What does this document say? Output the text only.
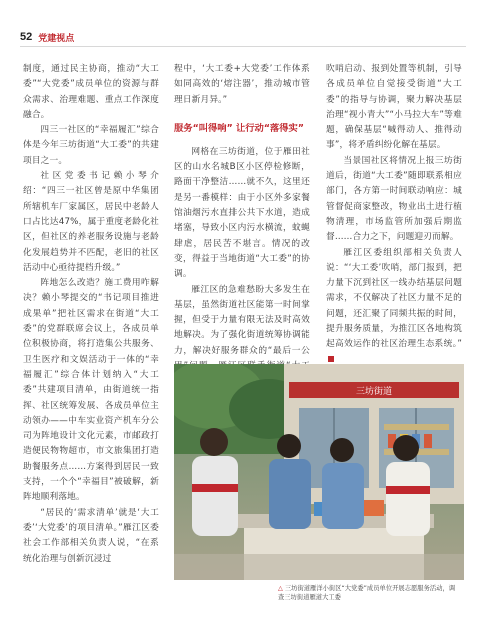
52 党建视点

制度，通过民主协商，推动“大工委”“大党委”成员单位的资源与群众需求、治理难题、重点工作深度融合。

四三一社区的“幸福履汇”综合体是今年三坊街道“大工委”的共建项目之一。

社区党委书记赖小琴介绍：“四三一社区曾是原中华集团所辖机车厂家属区，居民中老龄人口占比达47%，属于重度老龄化社区，但社区的养老服务设施与老龄化发展趋势并不匹配，老旧的社区活动中心亟待提档升级。”

阵地怎么改造？施工费用咋解决？赖小琴提交的“书记项目推进成果单”把社区需求在街道“大工委”的党群联席会议上，各成员单位积极协商，将打造集公共服务、卫生医疗和文娱活动于一体的“幸福履汇”综合体计划纳入“大工委”共建项目清单，由街道统一指挥、社区统筹发展、各成员单位主动领办——中车实业资产机车分公司为阵地设计文化元素，市邮政打造便民物物超市，市文旅集团打造助餐服务点……方案得到居民一致支持，一个个“幸福目”被破解，新阵地顺利落地。

“居民的‘需求清单’就是‘大工委’‘大党委’的项目清单。”雁江区委社会工作部相关负责人说，“在系统化治理与创新沉浸过

程中，‘大工委+大党委’工作体系如同高效的‘熔注器’，推动城市管理日新月异。”

服务“叫得响” 让行动“落得实”

网格在三坊街道，位于雁田社区的山水名城B区小区停检修断，路面干净整洁……就不久，这里还是另一番模样：由于小区外多家餐馆油烟污水直排公共下水道，造成堵塞，导致小区内污水横流，蚊蝇肆虐，居民苦不堪言。情况的改变，得益于当地街道“大工委”的协调。

雁江区的急难愁盼大多发生在基层，虽然街道社区能第一时间掌握，但受于力量有限无法及时高效地解决。为了强化街道统筹协调能力，解决好服务群众的“最后一公

吹哨启动、报到处置等机制，引导各成员单位自觉接受街道“大工委”的指导与协调，聚力解决基层治理“视小青大”“小马拉大车”等难题，确保基层“喊得动人、推得动事”，将矛盾纠纷化解在基层。

当景国社区将情况上报三坊街道后，街道“大工委”随即联系相应部门，各方第一时间联动响应：城管督促商家整改，物业出土进行植物清理，市场监管所加强后期监督……合力之下，问题迎刃而解。

雁江区委组织部相关负责人说：“‘大工委’吹哨，部门报到，把力量下沉到社区一线办结基层问题需求，不仅解决了社区力量不足的问题，还汇聚了同频共振的时间，提升服务质量，为推江区各地构筑起高效运作的社区治理生态系统。”

三坊街道
△ 三坊街道雁洋小街区“大党委”成员单位开展志愿服务活动，调查三坊街道雁道大工委
